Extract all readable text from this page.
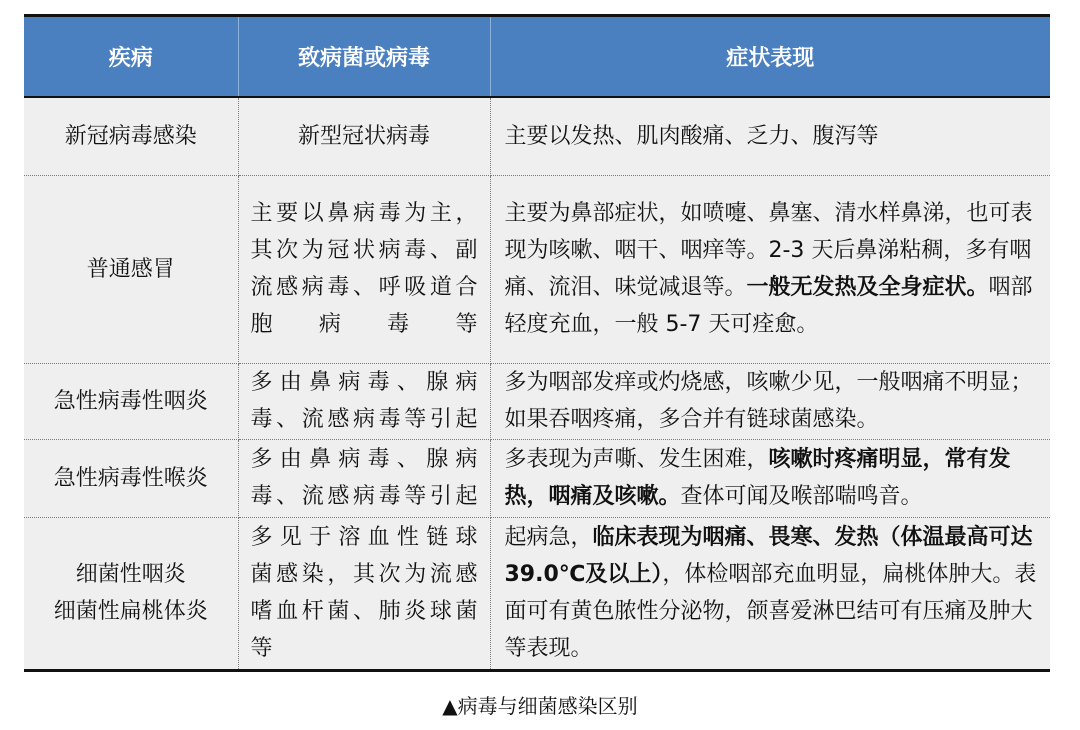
疾病	致病菌或病毒	症状表现

新冠病毒感染	新型冠状病毒	主要以发热、肌肉酸痛、乏力、腹泻等

普通感冒	主要以鼻病毒为主，
其次为冠状病毒、副
流感病毒、呼吸道合
胞病毒等	主要为鼻部症状，如喷嚏、鼻塞、清水样鼻涕，也可表现为咳嗽、咽干、咽痒等。2-3 天后鼻涕粘稠，多有咽痛、流泪、味觉减退等。一般无发热及全身症状。咽部轻度充血，一般 5-7 天可痊愈。

急性病毒性咽炎	多由鼻病毒、腺病
毒、流感病毒等引起	多为咽部发痒或灼烧感，咳嗽少见，一般咽痛不明显；如果吞咽疼痛，多合并有链球菌感染。

急性病毒性喉炎	多由鼻病毒、腺病
毒、流感病毒等引起	多表现为声嘶、发生困难，咳嗽时疼痛明显，常有发热，咽痛及咳嗽。查体可闻及喉部喘鸣音。

细菌性咽炎
细菌性扁桃体炎	多见于溶血性链球
菌感染，其次为流感
嗜血杆菌、肺炎球菌
等	起病急，临床表现为咽痛、畏寒、发热（体温最高可达 39.0℃及以上），体检咽部充血明显，扁桃体肿大。表面可有黄色脓性分泌物，颌喜爱淋巴结可有压痛及肿大等表现。
▲病毒与细菌感染区别
